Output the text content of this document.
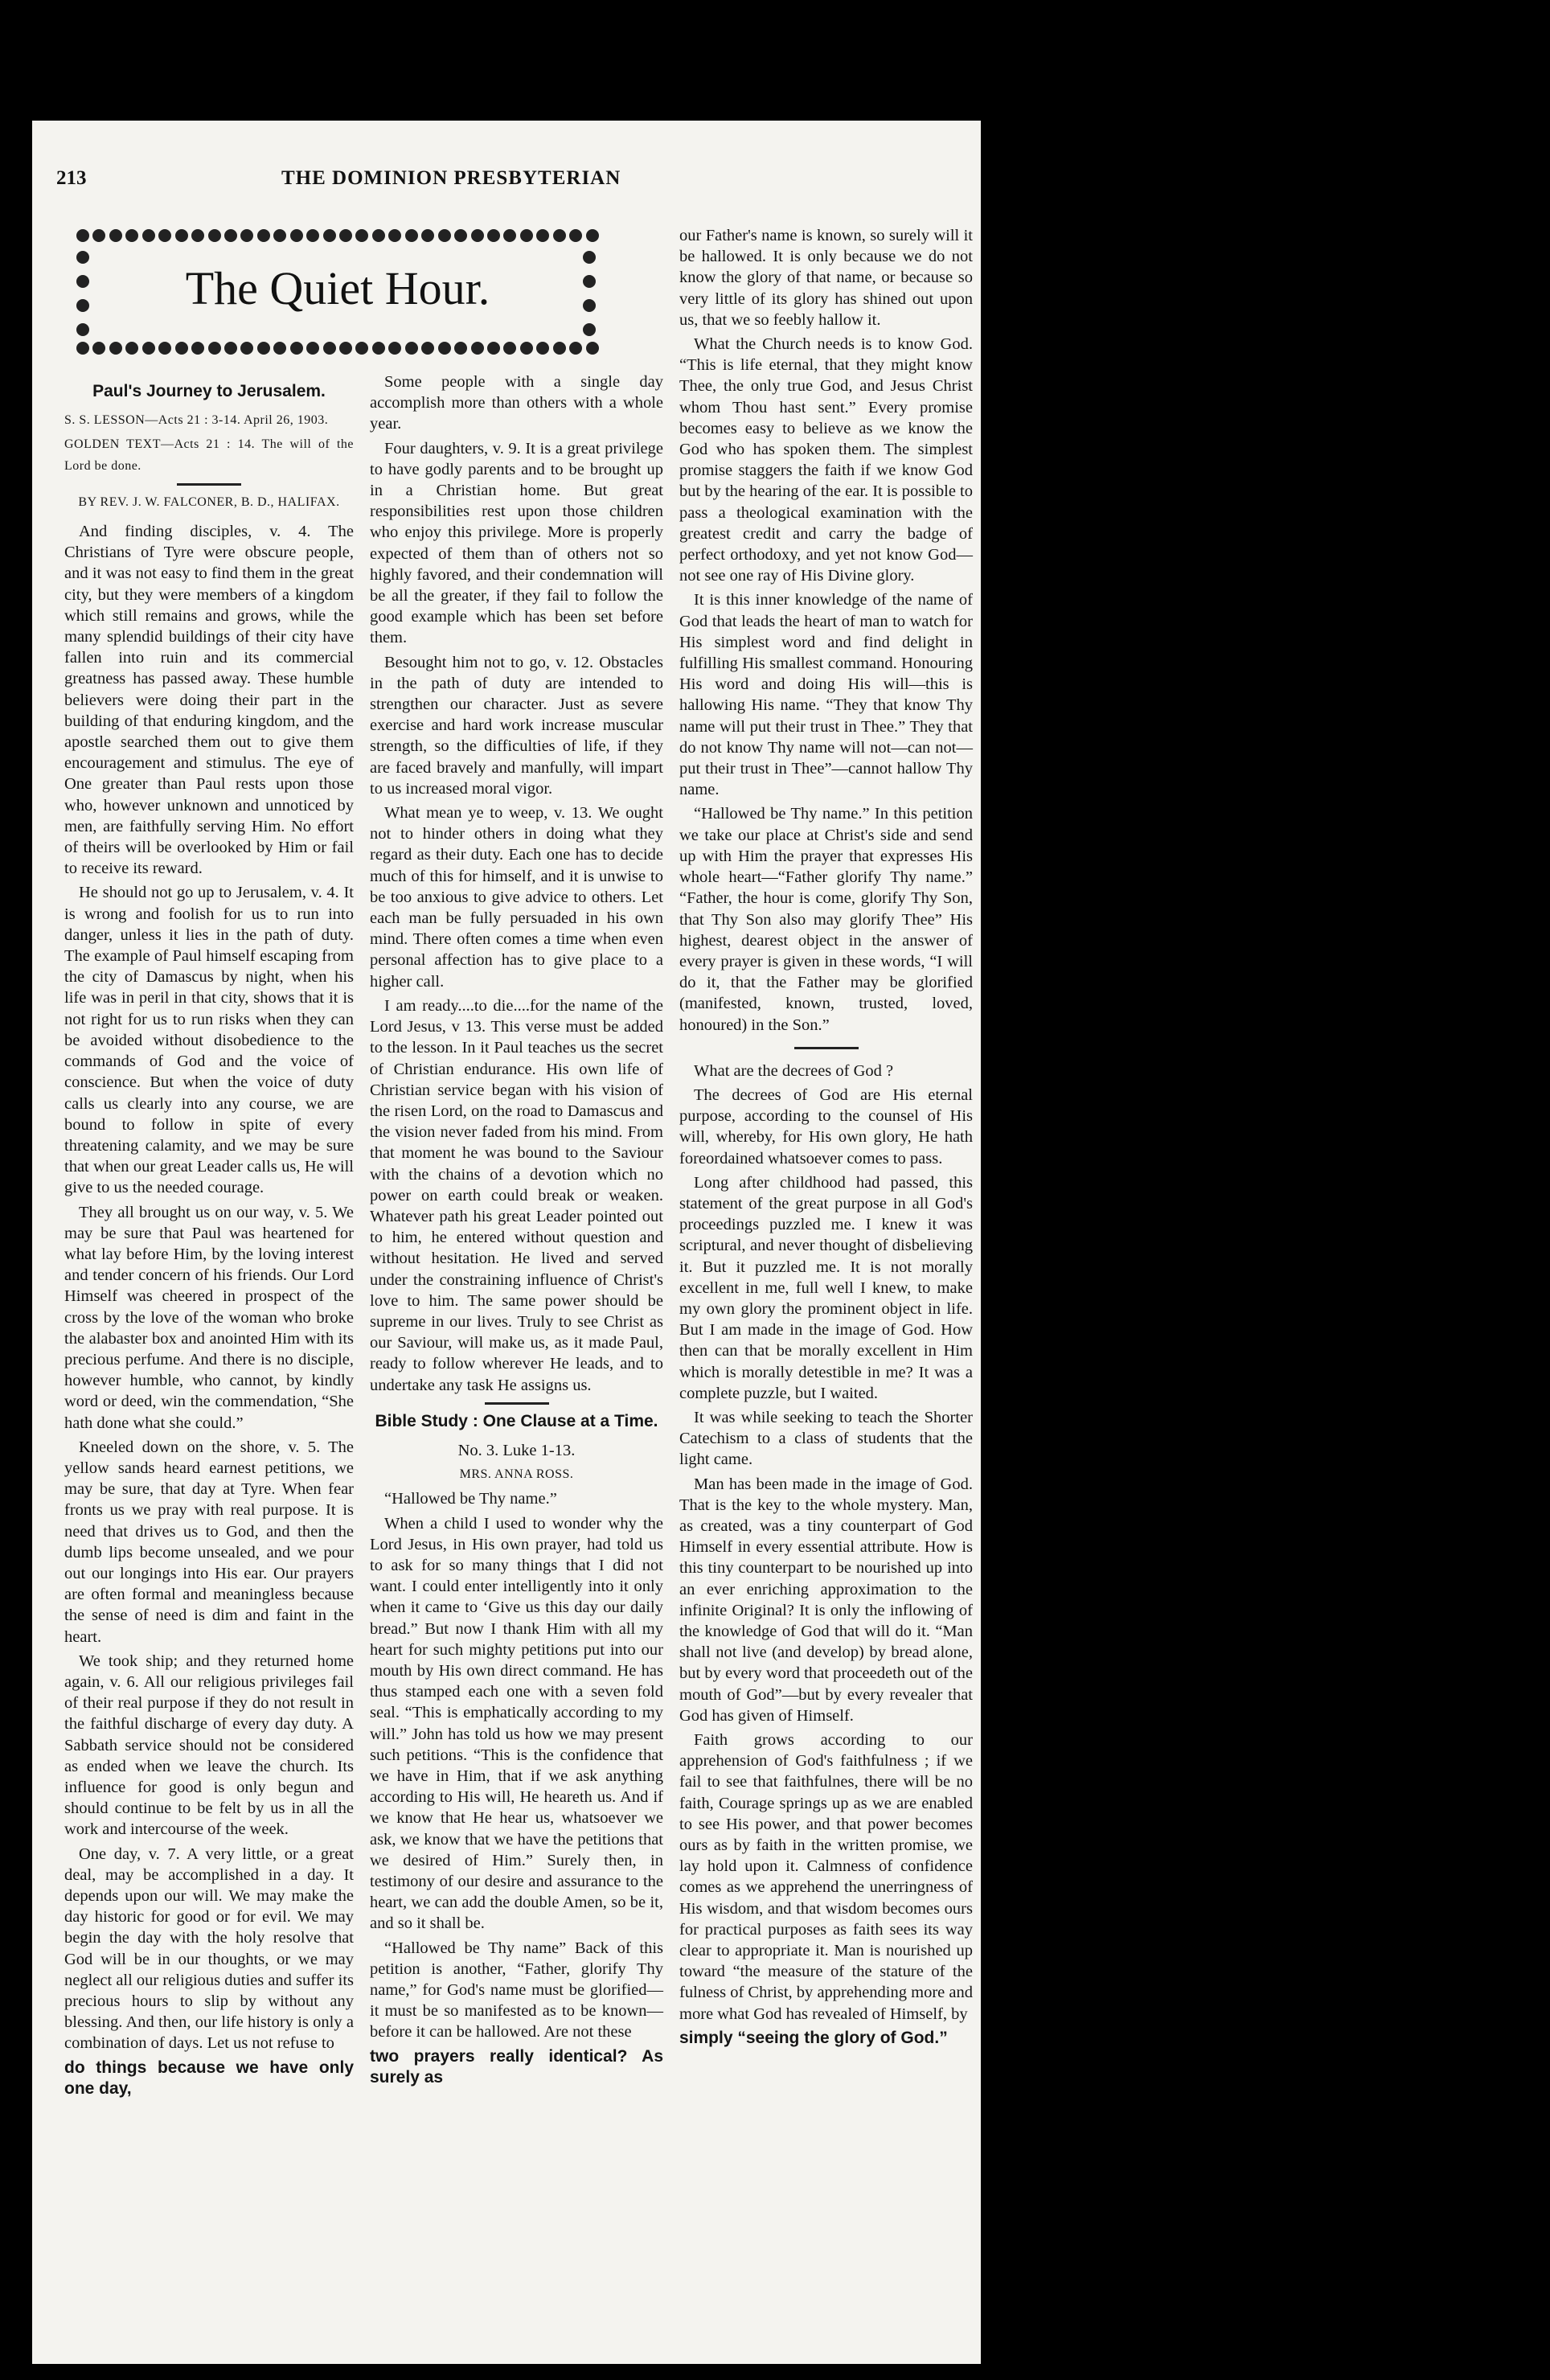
213	THE DOMINION PRESBYTERIAN
The Quiet Hour.
Paul's Journey to Jerusalem.

S. S. LESSON—Acts 21 : 3-14. April 26, 1903.

GOLDEN TEXT—Acts 21 : 14. The will of the Lord be done.

BY REV. J. W. FALCONER, B. D., HALIFAX.

And finding disciples, v. 4. The Christians of Tyre were obscure people, and it was not easy to find them in the great city, but they were members of a kingdom which still remains and grows, while the many splendid buildings of their city have fallen into ruin and its commercial greatness has passed away. These humble believers were doing their part in the building of that enduring kingdom, and the apostle searched them out to give them encouragement and stimulus. The eye of One greater than Paul rests upon those who, however unknown and unnoticed by men, are faithfully serving Him. No effort of theirs will be overlooked by Him or fail to receive its reward.

He should not go up to Jerusalem, v. 4. It is wrong and foolish for us to run into danger, unless it lies in the path of duty. The example of Paul himself escaping from the city of Damascus by night, when his life was in peril in that city, shows that it is not right for us to run risks when they can be avoided without disobedience to the commands of God and the voice of conscience. But when the voice of duty calls us clearly into any course, we are bound to follow in spite of every threatening calamity, and we may be sure that when our great Leader calls us, He will give to us the needed courage.

They all brought us on our way, v. 5. We may be sure that Paul was heartened for what lay before Him, by the loving interest and tender concern of his friends. Our Lord Himself was cheered in prospect of the cross by the love of the woman who broke the alabaster box and anointed Him with its precious perfume. And there is no disciple, however humble, who cannot, by kindly word or deed, win the commendation, “She hath done what she could.”

Kneeled down on the shore, v. 5. The yellow sands heard earnest petitions, we may be sure, that day at Tyre. When fear fronts us we pray with real purpose. It is need that drives us to God, and then the dumb lips become unsealed, and we pour out our longings into His ear. Our prayers are often formal and meaningless because the sense of need is dim and faint in the heart.

We took ship; and they returned home again, v. 6. All our religious privileges fail of their real purpose if they do not result in the faithful discharge of every day duty. A Sabbath service should not be considered as ended when we leave the church. Its influence for good is only begun and should continue to be felt by us in all the work and intercourse of the week.

One day, v. 7. A very little, or a great deal, may be accomplished in a day. It depends upon our will. We may make the day historic for good or for evil. We may begin the day with the holy resolve that God will be in our thoughts, or we may neglect all our religious duties and suffer its precious hours to slip by without any blessing. And then, our life history is only a combination of days. Let us not refuse to

do things because we have only one day,

Some people with a single day accomplish more than others with a whole year.

Four daughters, v. 9. It is a great privilege to have godly parents and to be brought up in a Christian home. But great responsibilities rest upon those children who enjoy this privilege. More is properly expected of them than of others not so highly favored, and their condemnation will be all the greater, if they fail to follow the good example which has been set before them.

Besought him not to go, v. 12. Obstacles in the path of duty are intended to strengthen our character. Just as severe exercise and hard work increase muscular strength, so the difficulties of life, if they are faced bravely and manfully, will impart to us increased moral vigor.

What mean ye to weep, v. 13. We ought not to hinder others in doing what they regard as their duty. Each one has to decide much of this for himself, and it is unwise to be too anxious to give advice to others. Let each man be fully persuaded in his own mind. There often comes a time when even personal affection has to give place to a higher call.

I am ready....to die....for the name of the Lord Jesus, v 13. This verse must be added to the lesson. In it Paul teaches us the secret of Christian endurance. His own life of Christian service began with his vision of the risen Lord, on the road to Damascus and the vision never faded from his mind. From that moment he was bound to the Saviour with the chains of a devotion which no power on earth could break or weaken. Whatever path his great Leader pointed out to him, he entered without question and without hesitation. He lived and served under the constraining influence of Christ's love to him. The same power should be supreme in our lives. Truly to see Christ as our Saviour, will make us, as it made Paul, ready to follow wherever He leads, and to undertake any task He assigns us.

Bible Study : One Clause at a Time.

No. 3. Luke 1-13.

MRS. ANNA ROSS.

“Hallowed be Thy name.”

When a child I used to wonder why the Lord Jesus, in His own prayer, had told us to ask for so many things that I did not want. I could enter intelligently into it only when it came to ‘Give us this day our daily bread.” But now I thank Him with all my heart for such mighty petitions put into our mouth by His own direct command. He has thus stamped each one with a seven fold seal. “This is emphatically according to my will.” John has told us how we may present such petitions. “This is the confidence that we have in Him, that if we ask anything according to His will, He heareth us. And if we know that He hear us, whatsoever we ask, we know that we have the petitions that we desired of Him.” Surely then, in testimony of our desire and assurance to the heart, we can add the double Amen, so be it, and so it shall be.

“Hallowed be Thy name” Back of this petition is another, “Father, glorify Thy name,” for God's name must be glorified—it must be so manifested as to be known—before it can be hallowed. Are not these

two prayers really identical? As surely as

our Father's name is known, so surely will it be hallowed. It is only because we do not know the glory of that name, or because so very little of its glory has shined out upon us, that we so feebly hallow it.

What the Church needs is to know God. “This is life eternal, that they might know Thee, the only true God, and Jesus Christ whom Thou hast sent.” Every promise becomes easy to believe as we know the God who has spoken them. The simplest promise staggers the faith if we know God but by the hearing of the ear. It is possible to pass a theological examination with the greatest credit and carry the badge of perfect orthodoxy, and yet not know God—not see one ray of His Divine glory.

It is this inner knowledge of the name of God that leads the heart of man to watch for His simplest word and find delight in fulfilling His smallest command. Honouring His word and doing His will—this is hallowing His name. “They that know Thy name will put their trust in Thee.” They that do not know Thy name will not—can not—put their trust in Thee”—cannot hallow Thy name.

“Hallowed be Thy name.” In this petition we take our place at Christ's side and send up with Him the prayer that expresses His whole heart—“Father glorify Thy name.” “Father, the hour is come, glorify Thy Son, that Thy Son also may glorify Thee” His highest, dearest object in the answer of every prayer is given in these words, “I will do it, that the Father may be glorified (manifested, known, trusted, loved, honoured) in the Son.”

What are the decrees of God ?

The decrees of God are His eternal purpose, according to the counsel of His will, whereby, for His own glory, He hath foreordained whatsoever comes to pass.

Long after childhood had passed, this statement of the great purpose in all God's proceedings puzzled me. I knew it was scriptural, and never thought of disbelieving it. But it puzzled me. It is not morally excellent in me, full well I knew, to make my own glory the prominent object in life. But I am made in the image of God. How then can that be morally excellent in Him which is morally detestible in me? It was a complete puzzle, but I waited.

It was while seeking to teach the Shorter Catechism to a class of students that the light came.

Man has been made in the image of God. That is the key to the whole mystery. Man, as created, was a tiny counterpart of God Himself in every essential attribute. How is this tiny counterpart to be nourished up into an ever enriching approximation to the infinite Original? It is only the inflowing of the knowledge of God that will do it. “Man shall not live (and develop) by bread alone, but by every word that proceedeth out of the mouth of God”—but by every revealer that God has given of Himself.

Faith grows according to our apprehension of God's faithfulness ; if we fail to see that faithfulnes, there will be no faith, Courage springs up as we are enabled to see His power, and that power becomes ours as by faith in the written promise, we lay hold upon it. Calmness of confidence comes as we apprehend the unerringness of His wisdom, and that wisdom becomes ours for practical purposes as faith sees its way clear to appropriate it. Man is nourished up toward “the measure of the stature of the fulness of Christ, by apprehending more and more what God has revealed of Himself, by

simply “seeing the glory of God.”
